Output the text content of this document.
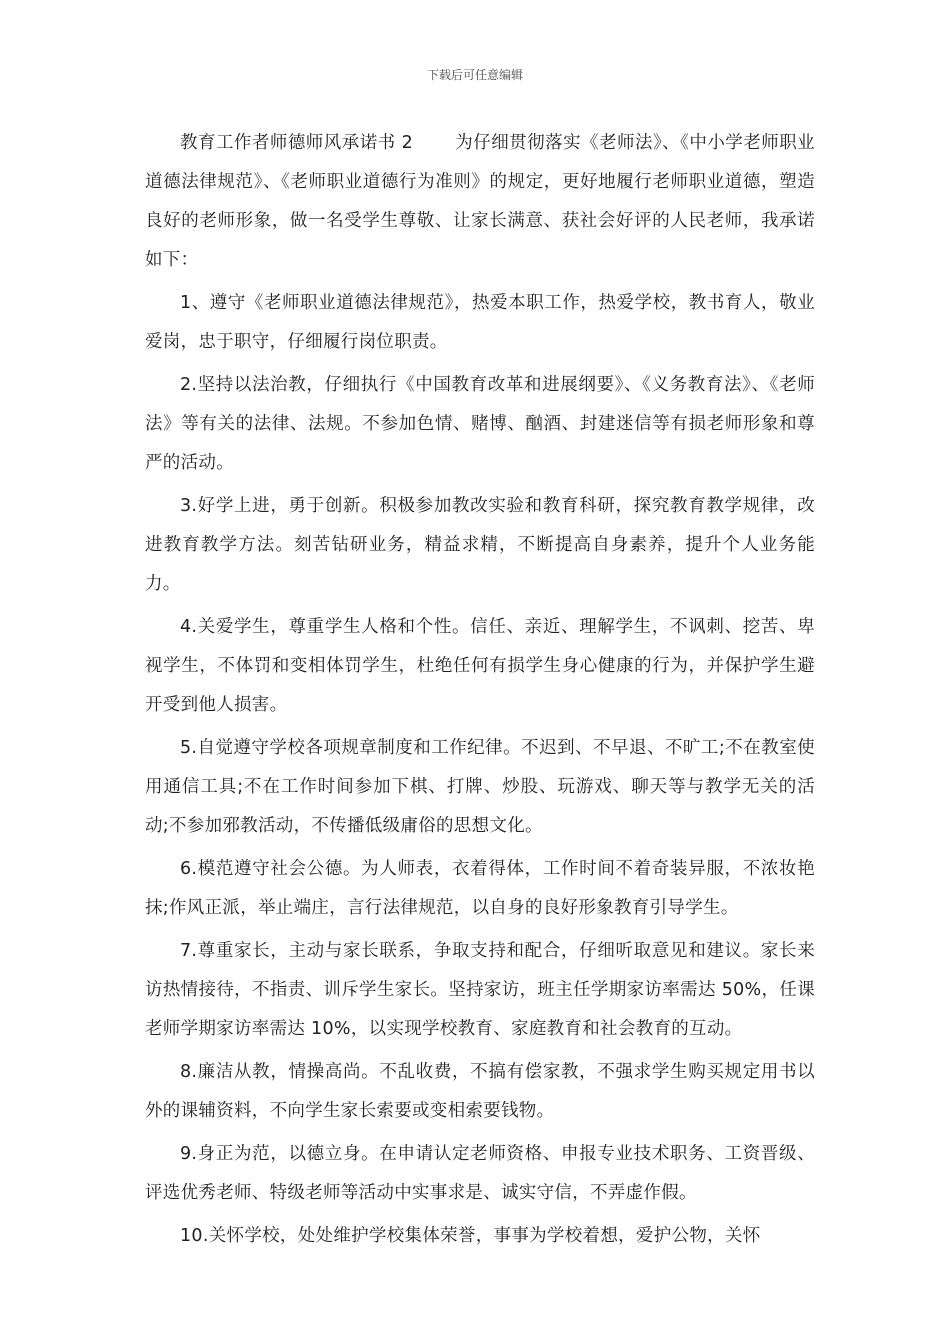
下载后可任意编辑

教育工作者师德师风承诺书 2　　 为仔细贯彻落实《老师法》、《中小学老师职业道德法律规范》、《老师职业道德行为准则》的规定，更好地履行老师职业道德，塑造良好的老师形象，做一名受学生尊敬、让家长满意、获社会好评的人民老师，我承诺如下：

1、遵守《老师职业道德法律规范》，热爱本职工作，热爱学校，教书育人，敬业爱岗，忠于职守，仔细履行岗位职责。

2.坚持以法治教，仔细执行《中国教育改革和进展纲要》、《义务教育法》、《老师法》等有关的法律、法规。不参加色情、赌博、酗酒、封建迷信等有损老师形象和尊严的活动。

3.好学上进，勇于创新。积极参加教改实验和教育科研，探究教育教学规律，改进教育教学方法。刻苦钻研业务，精益求精，不断提高自身素养，提升个人业务能力。

4.关爱学生，尊重学生人格和个性。信任、亲近、理解学生，不讽刺、挖苦、卑视学生，不体罚和变相体罚学生，杜绝任何有损学生身心健康的行为，并保护学生避开受到他人损害。

5.自觉遵守学校各项规章制度和工作纪律。不迟到、不早退、不旷工;不在教室使用通信工具;不在工作时间参加下棋、打牌、炒股、玩游戏、聊天等与教学无关的活动;不参加邪教活动，不传播低级庸俗的思想文化。

6.模范遵守社会公德。为人师表，衣着得体，工作时间不着奇装异服，不浓妆艳抹;作风正派，举止端庄，言行法律规范，以自身的良好形象教育引导学生。

7.尊重家长，主动与家长联系，争取支持和配合，仔细听取意见和建议。家长来访热情接待，不指责、训斥学生家长。坚持家访，班主任学期家访率需达 50%，任课老师学期家访率需达 10%，以实现学校教育、家庭教育和社会教育的互动。

8.廉洁从教，情操高尚。不乱收费，不搞有偿家教，不强求学生购买规定用书以外的课辅资料，不向学生家长索要或变相索要钱物。

9.身正为范，以德立身。在申请认定老师资格、申报专业技术职务、工资晋级、评选优秀老师、特级老师等活动中实事求是、诚实守信，不弄虚作假。

10.关怀学校，处处维护学校集体荣誉，事事为学校着想，爱护公物，关怀
